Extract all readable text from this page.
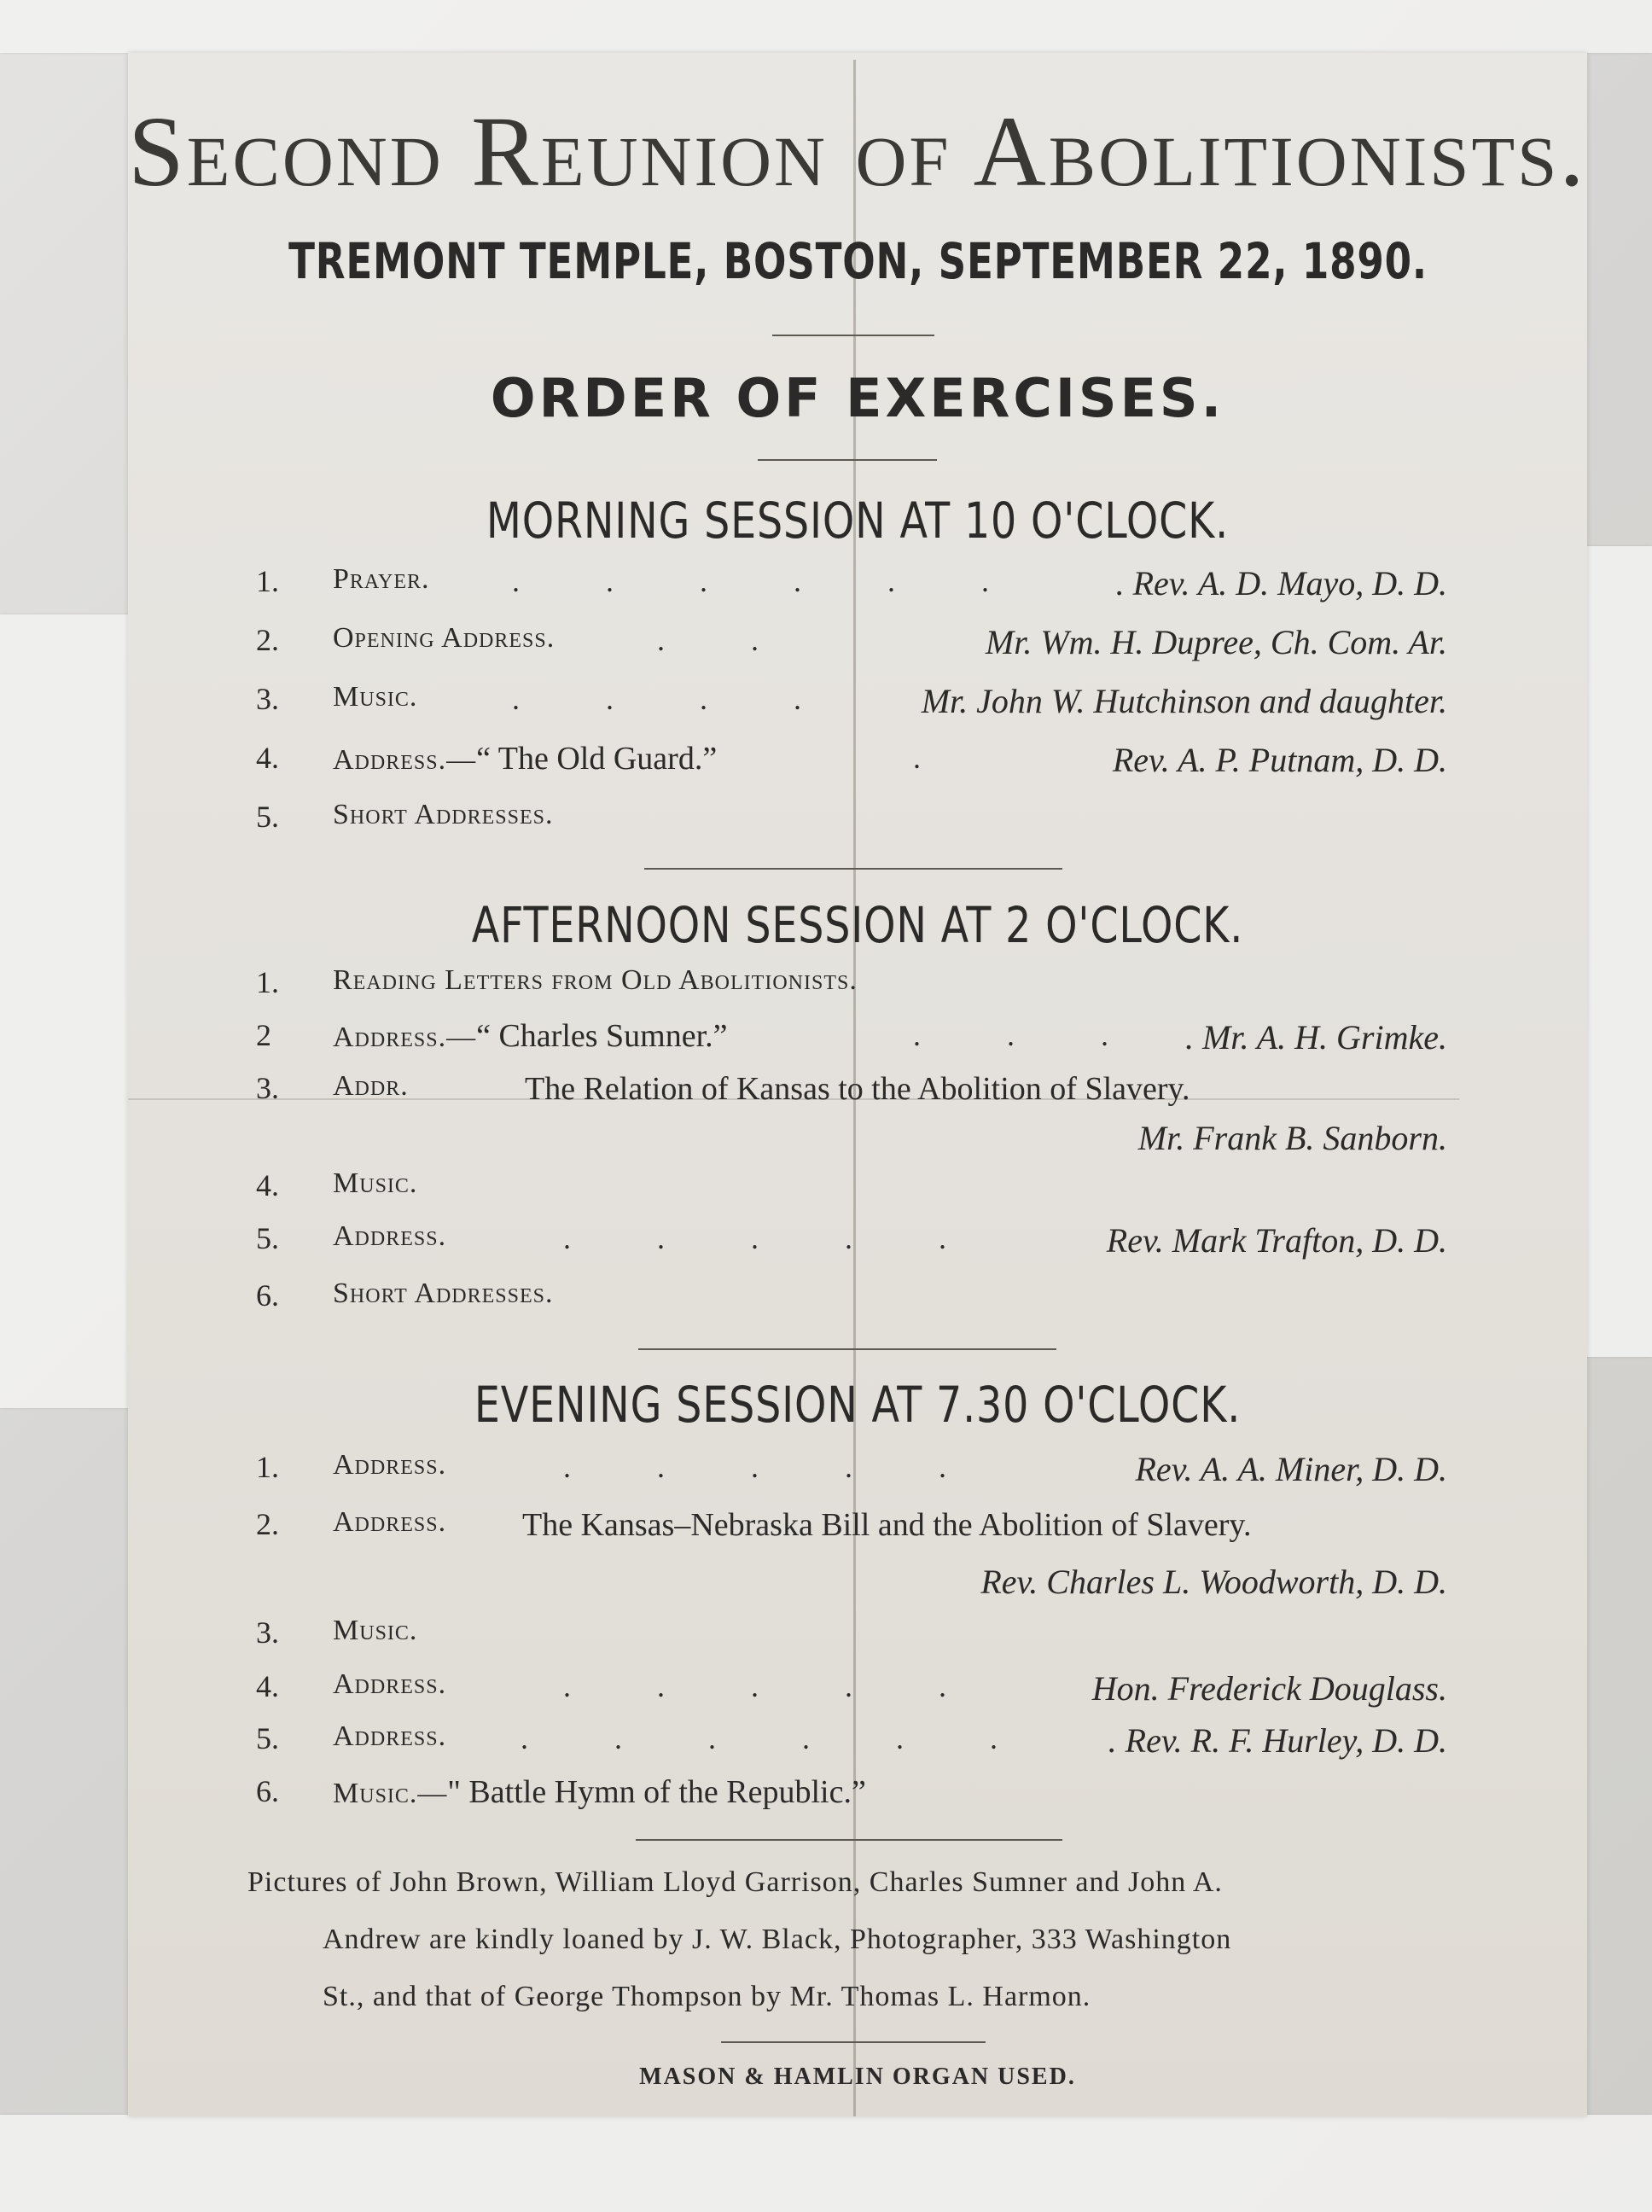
Second Reunion of Abolitionists.
TREMONT TEMPLE, BOSTON, SEPTEMBER 22, 1890.
ORDER OF EXERCISES.
MORNING SESSION AT 10 O'CLOCK.
1. Prayer.	. . . . . .	. Rev. A. D. Mayo, D. D.
2. Opening Address.	. .	Mr. Wm. H. Dupree, Ch. Com. Ar.
3. Music.	. . . . Mr. John W. Hutchinson and daughter.
4. Address.—“ The Old Guard.”	.	Rev. A. P. Putnam, D. D.
5. Short Addresses.
AFTERNOON SESSION AT 2 O'CLOCK.
1. Reading Letters from Old Abolitionists.
2 Address.—“ Charles Sumner.”	. . . . Mr. A. H. Grimke.
3. Addr.	The Relation of Kansas to the Abolition of Slavery.
Mr. Frank B. Sanborn.
4. Music.
5. Address.	. . . . .	Rev. Mark Trafton, D. D.
6. Short Addresses.
EVENING SESSION AT 7.30 O'CLOCK.
1. Address.	. . . . .	Rev. A. A. Miner, D. D.
2. Address. The Kansas–Nebraska Bill and the Abolition of Slavery.
Rev. Charles L. Woodworth, D. D.
3. Music.
4. Address.	. . . . .	Hon. Frederick Douglass.
5. Address. . . . . . . . Rev. R. F. Hurley, D. D.
6. Music.—" Battle Hymn of the Republic.”
Pictures of John Brown, William Lloyd Garrison, Charles Sumner and John A.
Andrew are kindly loaned by J. W. Black, Photographer, 333 Washington
St., and that of George Thompson by Mr. Thomas L. Harmon.
MASON & HAMLIN ORGAN USED.
